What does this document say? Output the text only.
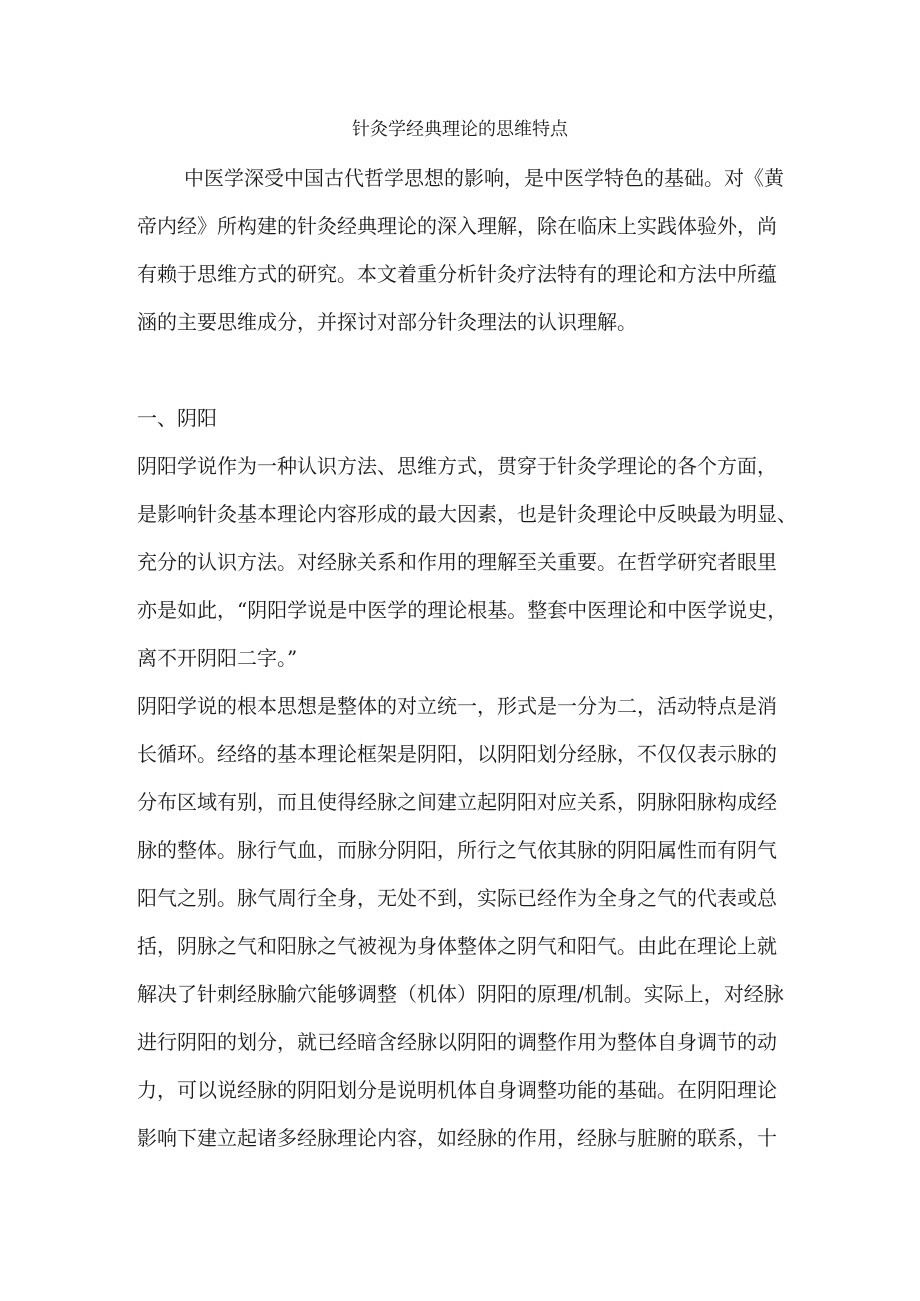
针灸学经典理论的思维特点
中医学深受中国古代哲学思想的影响，是中医学特色的基础。对《黄
帝内经》所构建的针灸经典理论的深入理解，除在临床上实践体验外，尚
有赖于思维方式的研究。本文着重分析针灸疗法特有的理论和方法中所蕴
涵的主要思维成分，并探讨对部分针灸理法的认识理解。
一、阴阳
阴阳学说作为一种认识方法、思维方式，贯穿于针灸学理论的各个方面，
是影响针灸基本理论内容形成的最大因素，也是针灸理论中反映最为明显、
充分的认识方法。对经脉关系和作用的理解至关重要。在哲学研究者眼里
亦是如此，“阴阳学说是中医学的理论根基。整套中医理论和中医学说史，
离不开阴阳二字。”
阴阳学说的根本思想是整体的对立统一，形式是一分为二，活动特点是消
长循环。经络的基本理论框架是阴阳，以阴阳划分经脉，不仅仅表示脉的
分布区域有别，而且使得经脉之间建立起阴阳对应关系，阴脉阳脉构成经
脉的整体。脉行气血，而脉分阴阳，所行之气依其脉的阴阳属性而有阴气
阳气之别。脉气周行全身，无处不到，实际已经作为全身之气的代表或总
括，阴脉之气和阳脉之气被视为身体整体之阴气和阳气。由此在理论上就
解决了针刺经脉腧穴能够调整（机体）阴阳的原理/机制。实际上，对经脉
进行阴阳的划分，就已经暗含经脉以阴阳的调整作用为整体自身调节的动
力，可以说经脉的阴阳划分是说明机体自身调整功能的基础。在阴阳理论
影响下建立起诸多经脉理论内容，如经脉的作用，经脉与脏腑的联系，十
